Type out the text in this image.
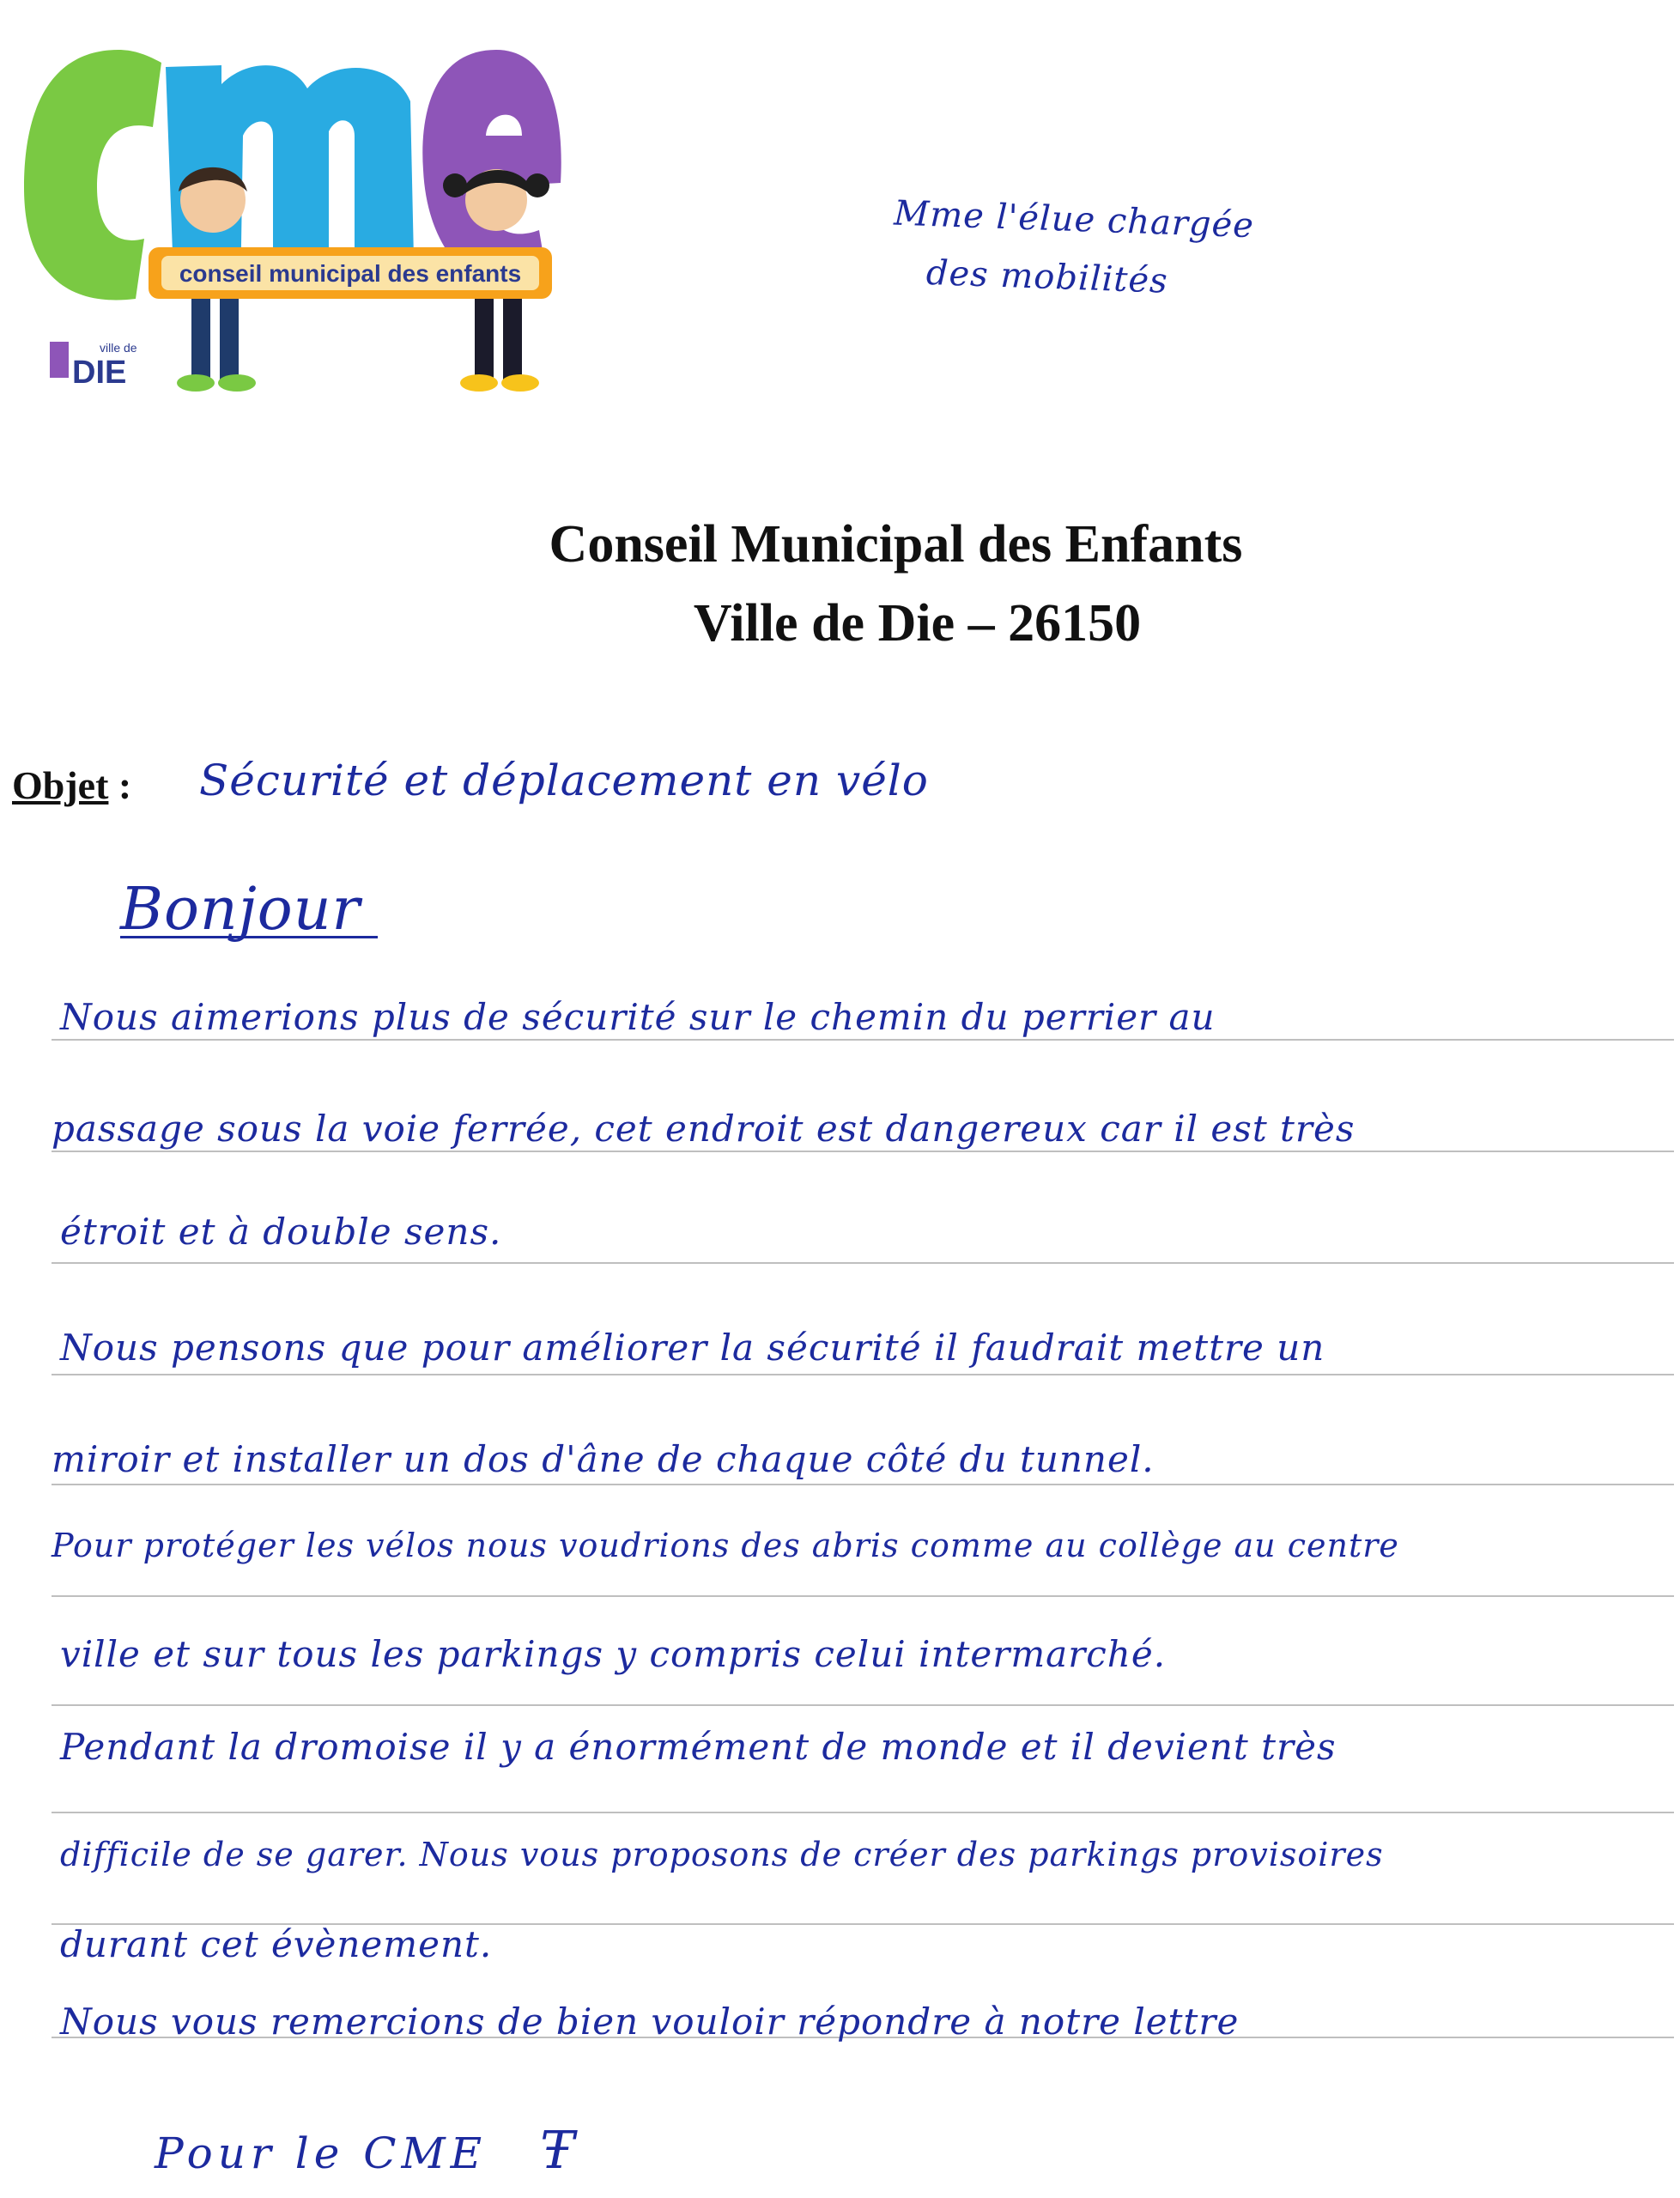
conseil municipal des enfants
ville de
DIE
Mme l'élue chargée
des mobilités
Conseil Municipal des Enfants
Ville de Die – 26150
Objet : Sécurité et déplacement en vélo
Bonjour
Nous aimerions plus de sécurité sur le chemin du perrier au
passage sous la voie ferrée, cet endroit est dangereux car il est très
étroit et à double sens.
Nous pensons que pour améliorer la sécurité il faudrait mettre un
miroir et installer un dos d'âne de chaque côté du tunnel.
Pour protéger les vélos nous voudrions des abris comme au collège au centre
ville et sur tous les parkings y compris celui intermarché.
Pendant la dromoise il y a énormément de monde et il devient très
difficile de se garer. Nous vous proposons de créer des parkings provisoires
durant cet évènement.
Nous vous remercions de bien vouloir répondre à notre lettre
Pour le CME Ŧ
